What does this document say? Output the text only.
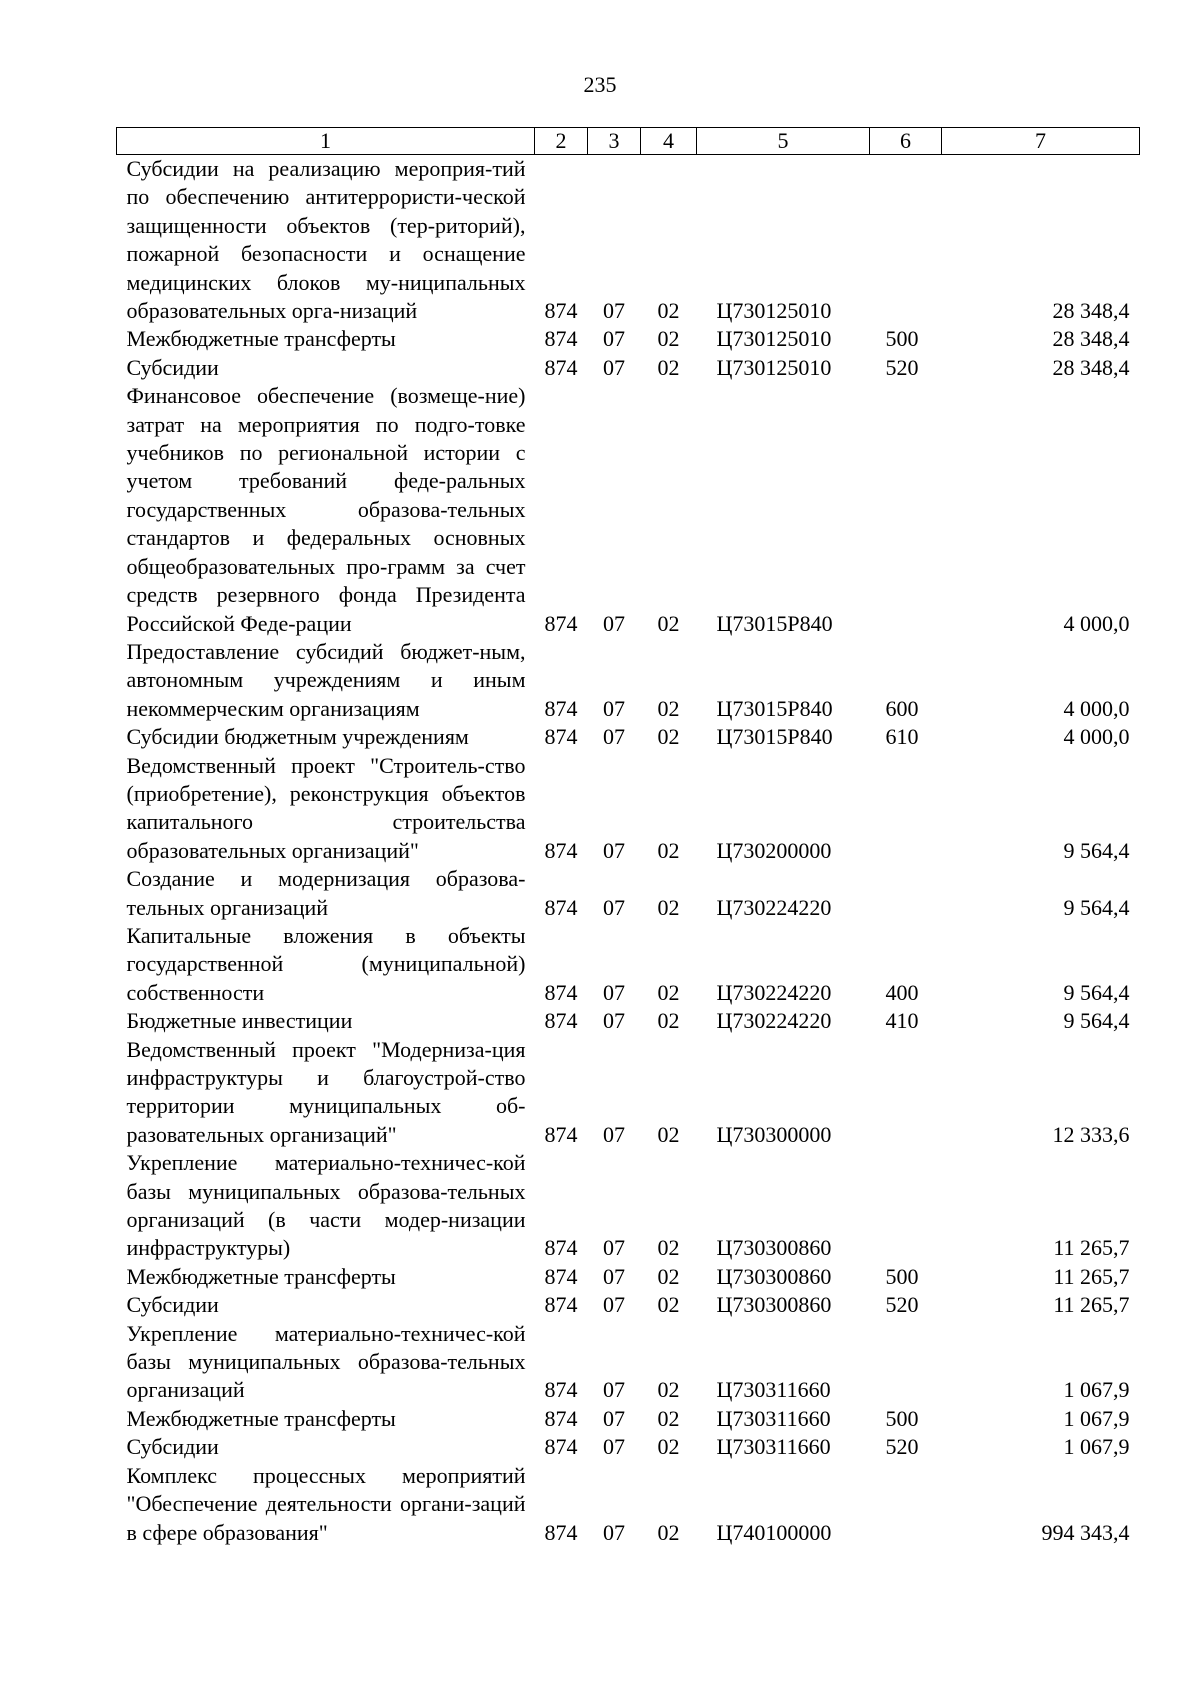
235
1	2	3	4	5	6	7
Субсидии на реализацию мероприя-тий по обеспечению антитеррористи-ческой защищенности объектов (тер-риторий), пожарной безопасности и оснащение медицинских блоков му-ниципальных образовательных орга-низаций	874	07	02	Ц730125010		28 348,4
Межбюджетные трансферты	874	07	02	Ц730125010	500	28 348,4
Субсидии	874	07	02	Ц730125010	520	28 348,4
Финансовое обеспечение (возмеще-ние) затрат на мероприятия по подго-товке учебников по региональной истории с учетом требований феде-ральных государственных образова-тельных стандартов и федеральных основных общеобразовательных про-грамм за счет средств резервного фонда Президента Российской Феде-рации	874	07	02	Ц73015Р840		4 000,0
Предоставление субсидий бюджет-ным, автономным учреждениям и иным некоммерческим организациям	874	07	02	Ц73015Р840	600	4 000,0
Субсидии бюджетным учреждениям	874	07	02	Ц73015Р840	610	4 000,0
Ведомственный проект "Строитель-ство (приобретение), реконструкция объектов капитального строительства образовательных организаций"	874	07	02	Ц730200000		9 564,4
Создание и модернизация образова-тельных организаций	874	07	02	Ц730224220		9 564,4
Капитальные вложения в объекты государственной (муниципальной) собственности	874	07	02	Ц730224220	400	9 564,4
Бюджетные инвестиции	874	07	02	Ц730224220	410	9 564,4
Ведомственный проект "Модерниза-ция инфраструктуры и благоустрой-ство территории муниципальных об-разовательных организаций"	874	07	02	Ц730300000		12 333,6
Укрепление материально-техничес-кой базы муниципальных образова-тельных организаций (в части модер-низации инфраструктуры)	874	07	02	Ц730300860		11 265,7
Межбюджетные трансферты	874	07	02	Ц730300860	500	11 265,7
Субсидии	874	07	02	Ц730300860	520	11 265,7
Укрепление материально-техничес-кой базы муниципальных образова-тельных организаций	874	07	02	Ц730311660		1 067,9
Межбюджетные трансферты	874	07	02	Ц730311660	500	1 067,9
Субсидии	874	07	02	Ц730311660	520	1 067,9
Комплекс процессных мероприятий "Обеспечение деятельности органи-заций в сфере образования"	874	07	02	Ц740100000		994 343,4
